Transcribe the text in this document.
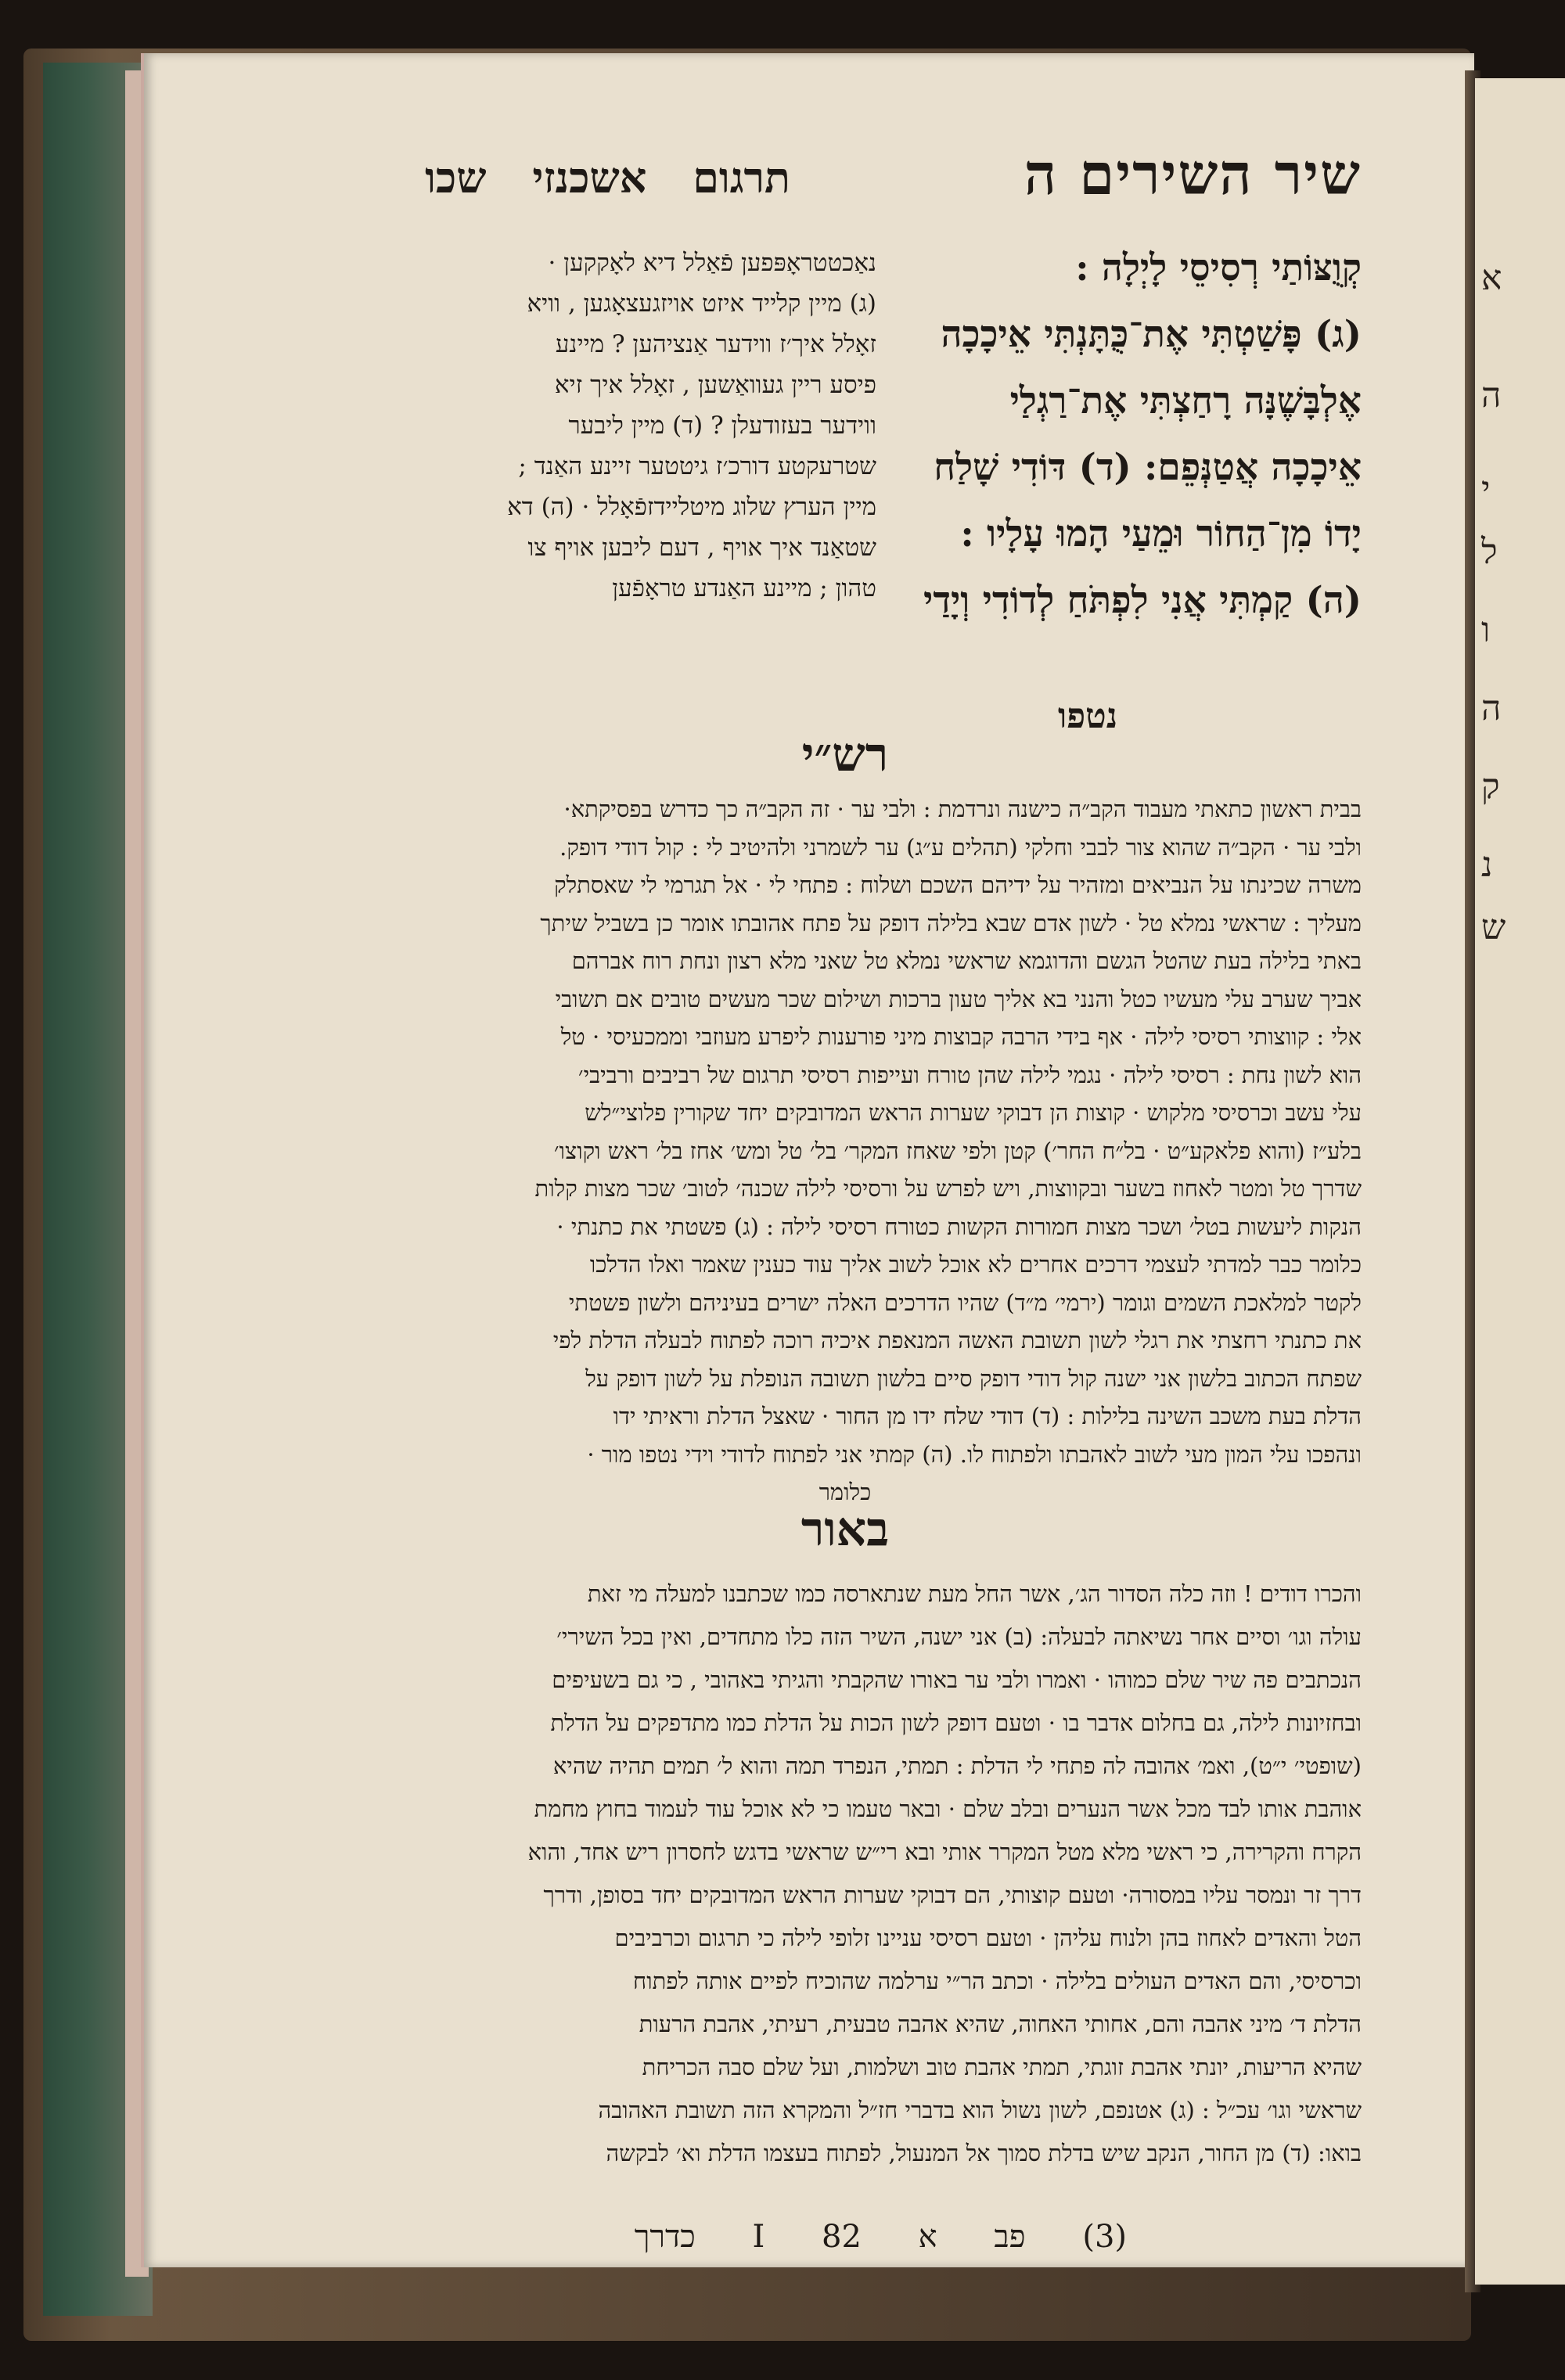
שיר השירים ה
תרגום אשכנזי שכו
קְוֻצּוֹתַי רְסִיסֵי לָיְלָה :
(ג) פָּשַׁטְתִּי אֶת־כֻּתָּנְתִּי אֵיכָכָה
אֶלְבָּשֶׁנָּה רָחַצְתִּי אֶת־רַגְלַי
אֵיכָכָה אֲטַנְּפֵם: (ד) דּוֹדִי שָׁלַח
יָדוֹ מִן־הַחוֹר וּמֵעַי הָמוּ עָלָיו :
(ה) קַמְתִּי אֲנִי לִפְתֹּחַ לְדוֹדִי וְיָדַי
נטפו
נאַכטטראָפּפען פֿאַלל דיא לאָקקען ·
(ג) מיין קלייד איזט אויזגעצאָגען , וויא
זאָלל איך׳ז ווידער אַנציהען ? מיינע
פיסע ריין געוואַשען , זאָלל איך זיא
ווידער בעזודעלן ? (ד) מיין ליבער
שטרעקטע דורכ׳ז גיטטער זיינע האַנד ;
מיין הערץ שלוג מיטליידזפֿאָלל · (ה) דא
שטאַנד איך אויף , דעם ליבען אויף צו
טהון ; מיינע האַנדע טראָפֿען
רש״י
בבית ראשון כתאתי מעבוד הקב״ה כישנה ונרדמת : ולבי ער · זה הקב״ה כך כדרש בפסיקתא·
ולבי ער · הקב״ה שהוא צור לבבי וחלקי (תהלים ע״ג) ער לשמרני ולהיטיב לי : קול דודי דופק.
משרה שכינתו על הנביאים ומזהיר על ידיהם השכם ושלוח : פתחי לי · אל תגרמי לי שאסתלק
מעליך : שראשי נמלא טל · לשון אדם שבא בלילה דופק על פתח אהובתו אומר כן בשביל שיתך
באתי בלילה בעת שהטל הגשם והדוגמא שראשי נמלא טל שאני מלא רצון ונחת רוח אברהם
אביך שערב עלי מעשיו כטל והנני בא אליך טעון ברכות ושילום שכר מעשים טובים אם תשובי
אלי : קווצותי רסיסי לילה · אף בידי הרבה קבוצות מיני פורענות ליפרע מעוזבי וממכעיסי · טל
הוא לשון נחת : רסיסי לילה · נגמי לילה שהן טורח ועייפות רסיסי תרגום של רביבים ורביבי׳
עלי עשב וכרסיסי מלקוש · קוצות הן דבוקי שערות הראש המדובקים יחד שקורין פלוצי״לש
בלע״ז (והוא פלאקע״ט · בל״ח החר׳) קטן ולפי שאחז המקר׳ בל׳ טל ומש׳ אחז בל׳ ראש וקוצו׳
שדרך טל ומטר לאחוז בשער ובקווצות, ויש לפרש על ורסיסי לילה שכנה׳ לטוב׳ שכר מצות קלות
הנקות ליעשות בטל׳ ושכר מצות חמורות הקשות כטורח רסיסי לילה : (ג) פשטתי את כתנתי ·
כלומר כבר למדתי לעצמי דרכים אחרים לא אוכל לשוב אליך עוד כענין שאמר ואלו הדלכו
לקטר למלאכת השמים וגומר (ירמי׳ מ״ד) שהיו הדרכים האלה ישרים בעיניהם ולשון פשטתי
את כתנתי רחצתי את רגלי לשון תשובת האשה המנאפת איכיה רוכה לפתוח לבעלה הדלת לפי
שפתח הכתוב בלשון אני ישנה קול דודי דופק סיים בלשון תשובה הנופלת על לשון דופק על
הדלת בעת משכב השינה בלילות : (ד) דודי שלח ידו מן החור · שאצל הדלת וראיתי ידו
ונהפכו עלי המון מעי לשוב לאהבתו ולפתוח לו. (ה) קמתי אני לפתוח לדודי וידי נטפו מור ·
כלומר
באור
והכרו דודים ! וזה כלה הסדור הג׳, אשר החל מעת שנתארסה כמו שכתבנו למעלה מי זאת
עולה וגו׳ וסיים אחר נשיאתה לבעלה: (ב) אני ישנה, השיר הזה כלו מתחדים, ואין בכל השירי׳
הנכתבים פה שיר שלם כמוהו · ואמרו ולבי ער באורו שהקבתי והגיתי באהובי , כי גם בשעיפים
ובחזיונות לילה, גם בחלום אדבר בו · וטעם דופק לשון הכות על הדלת כמו מתדפקים על הדלת
(שופטי׳ י״ט), ואמ׳ אהובה לה פתחי לי הדלת : תמתי, הנפרד תמה והוא ל׳ תמים תהיה שהיא
אוהבת אותו לבד מכל אשר הנערים ובלב שלם · ובאר טעמו כי לא אוכל עוד לעמוד בחוץ מחמת
הקרח והקרירה, כי ראשי מלא מטל המקרר אותי ובא רי״ש שראשי בדגש לחסרון ריש אחד, והוא
דרך זר ונמסר עליו במסורה· וטעם קוצותי, הם דבוקי שערות הראש המדובקים יחד בסופן, ודרך
הטל והאדים לאחוז בהן ולנוח עליהן · וטעם רסיסי עניינו זלופי לילה כי תרגום וכרביבים
וכרסיסי, והם האדים העולים בלילה · וכתב הר״י ערלמה שהוכיח לפיים אותה לפתוח
הדלת ד׳ מיני אהבה והם, אחותי האחוה, שהיא אהבה טבעית, רעיתי, אהבת הרעות
שהיא הריעות, יונתי אהבת זוגתי, תמתי אהבת טוב ושלמות, ועל שלם סבה הכריחת
שראשי וגו׳ עכ״ל : (ג) אטנפם, לשון נשול הוא בדברי חז״ל והמקרא הזה תשובת האהובה
בואו: (ד) מן החור, הנקב שיש בדלת סמוך אל המנעול, לפתוח בעצמו הדלת וא׳ לבקשה
(3) פב א 82 I כדרך
א
ה
י
ל
ו
ה
ק
נ
ש
